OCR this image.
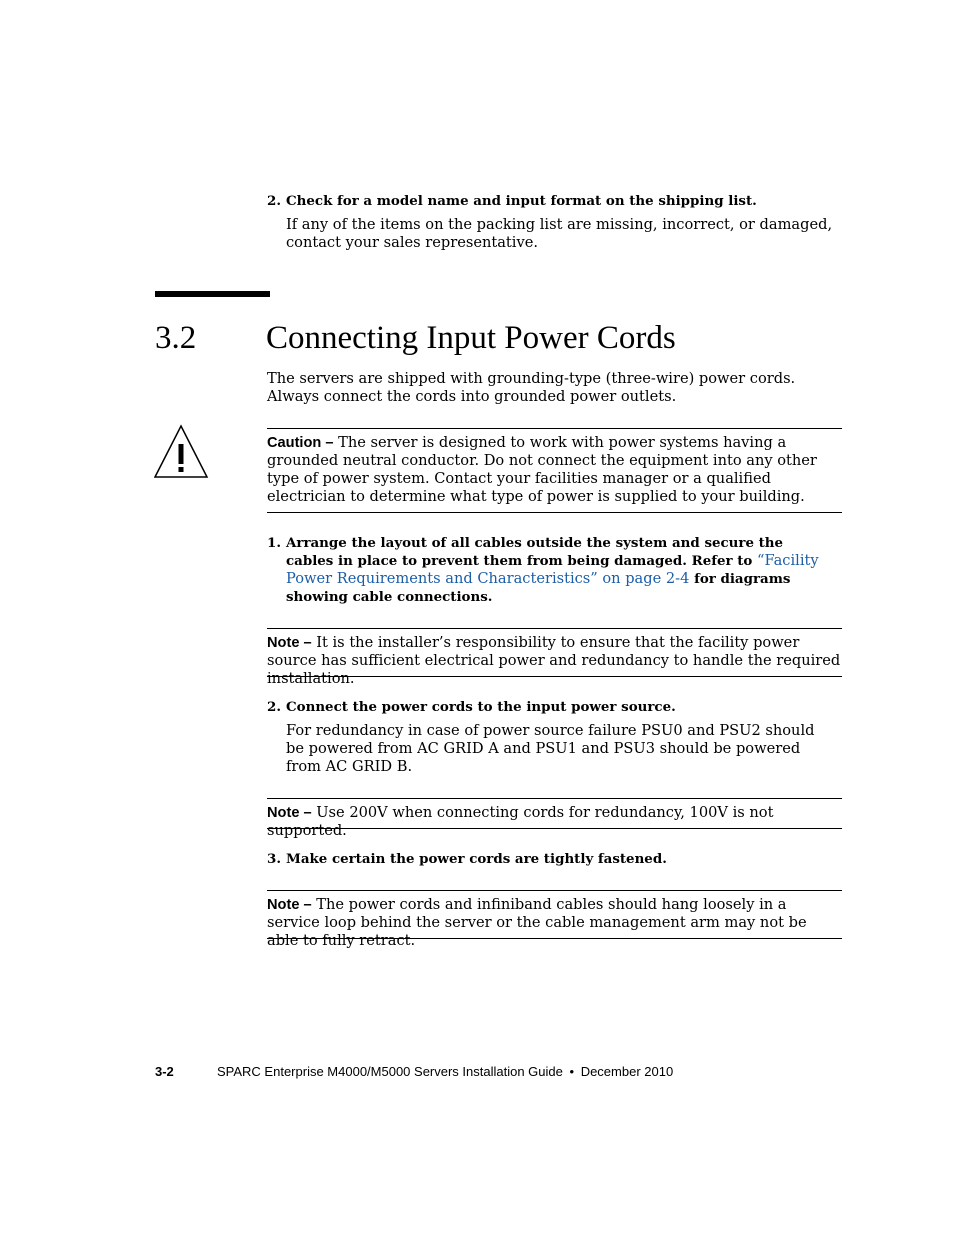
2. Check for a model name and input format on the shipping list.
If any of the items on the packing list are missing, incorrect, or damaged, contact your sales representative.
3.2 Connecting Input Power Cords
The servers are shipped with grounding-type (three-wire) power cords. Always connect the cords into grounded power outlets.
Caution – The server is designed to work with power systems having a grounded neutral conductor. Do not connect the equipment into any other type of power system. Contact your facilities manager or a qualified electrician to determine what type of power is supplied to your building.
1. Arrange the layout of all cables outside the system and secure the cables in place to prevent them from being damaged. Refer to “Facility Power Requirements and Characteristics” on page 2-4 for diagrams showing cable connections.
Note – It is the installer’s responsibility to ensure that the facility power source has sufficient electrical power and redundancy to handle the required installation.
2. Connect the power cords to the input power source.
For redundancy in case of power source failure PSU0 and PSU2 should be powered from AC GRID A and PSU1 and PSU3 should be powered from AC GRID B.
Note – Use 200V when connecting cords for redundancy, 100V is not supported.
3. Make certain the power cords are tightly fastened.
Note – The power cords and infiniband cables should hang loosely in a service loop behind the server or the cable management arm may not be able to fully retract.
3-2	SPARC Enterprise M4000/M5000 Servers Installation Guide • December 2010
